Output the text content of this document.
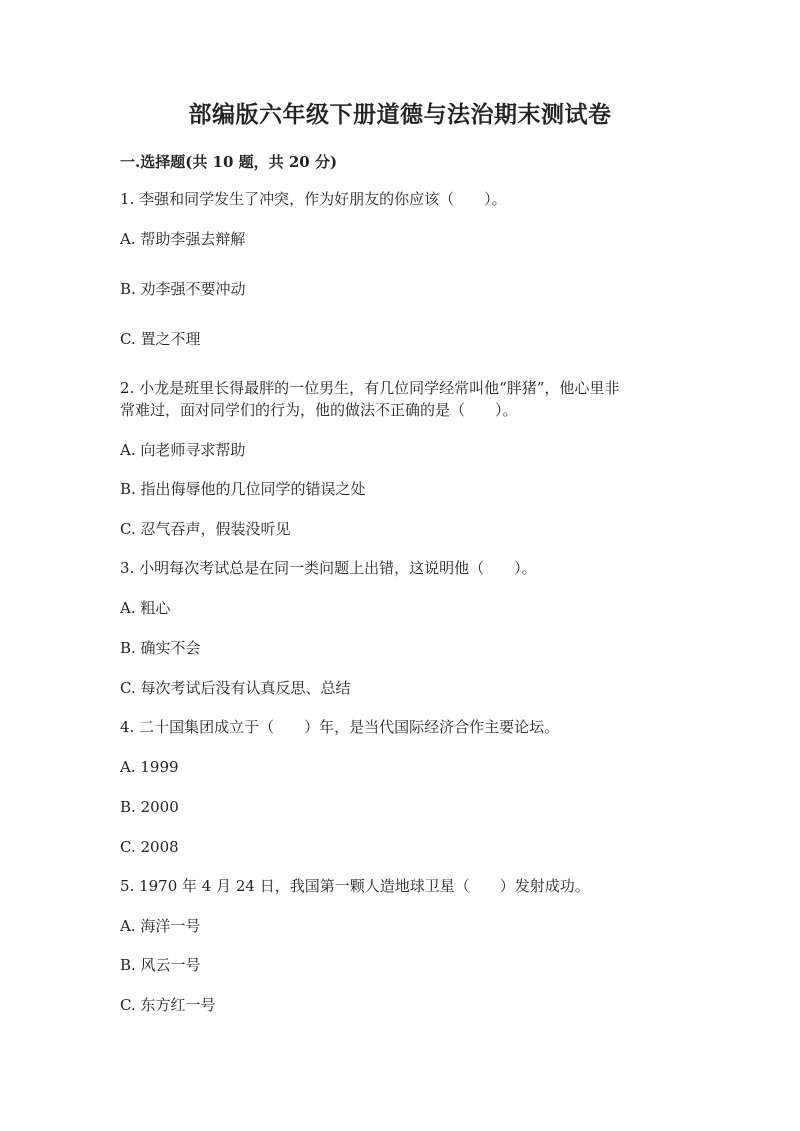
部编版六年级下册道德与法治期末测试卷
一.选择题(共 10 题，共 20 分)

1. 李强和同学发生了冲突，作为好朋友的你应该（　　）。

A. 帮助李强去辩解

B. 劝李强不要冲动

C. 置之不理

2. 小龙是班里长得最胖的一位男生，有几位同学经常叫他“胖猪”，他心里非

常难过，面对同学们的行为，他的做法不正确的是（　　）。

A. 向老师寻求帮助

B. 指出侮辱他的几位同学的错误之处

C. 忍气吞声，假装没听见

3. 小明每次考试总是在同一类问题上出错，这说明他（　　）。

A. 粗心

B. 确实不会

C. 每次考试后没有认真反思、总结

4. 二十国集团成立于（　　）年，是当代国际经济合作主要论坛。

A. 1999

B. 2000

C. 2008

5. 1970 年 4 月 24 日，我国第一颗人造地球卫星（　　）发射成功。

A. 海洋一号

B. 风云一号

C. 东方红一号
